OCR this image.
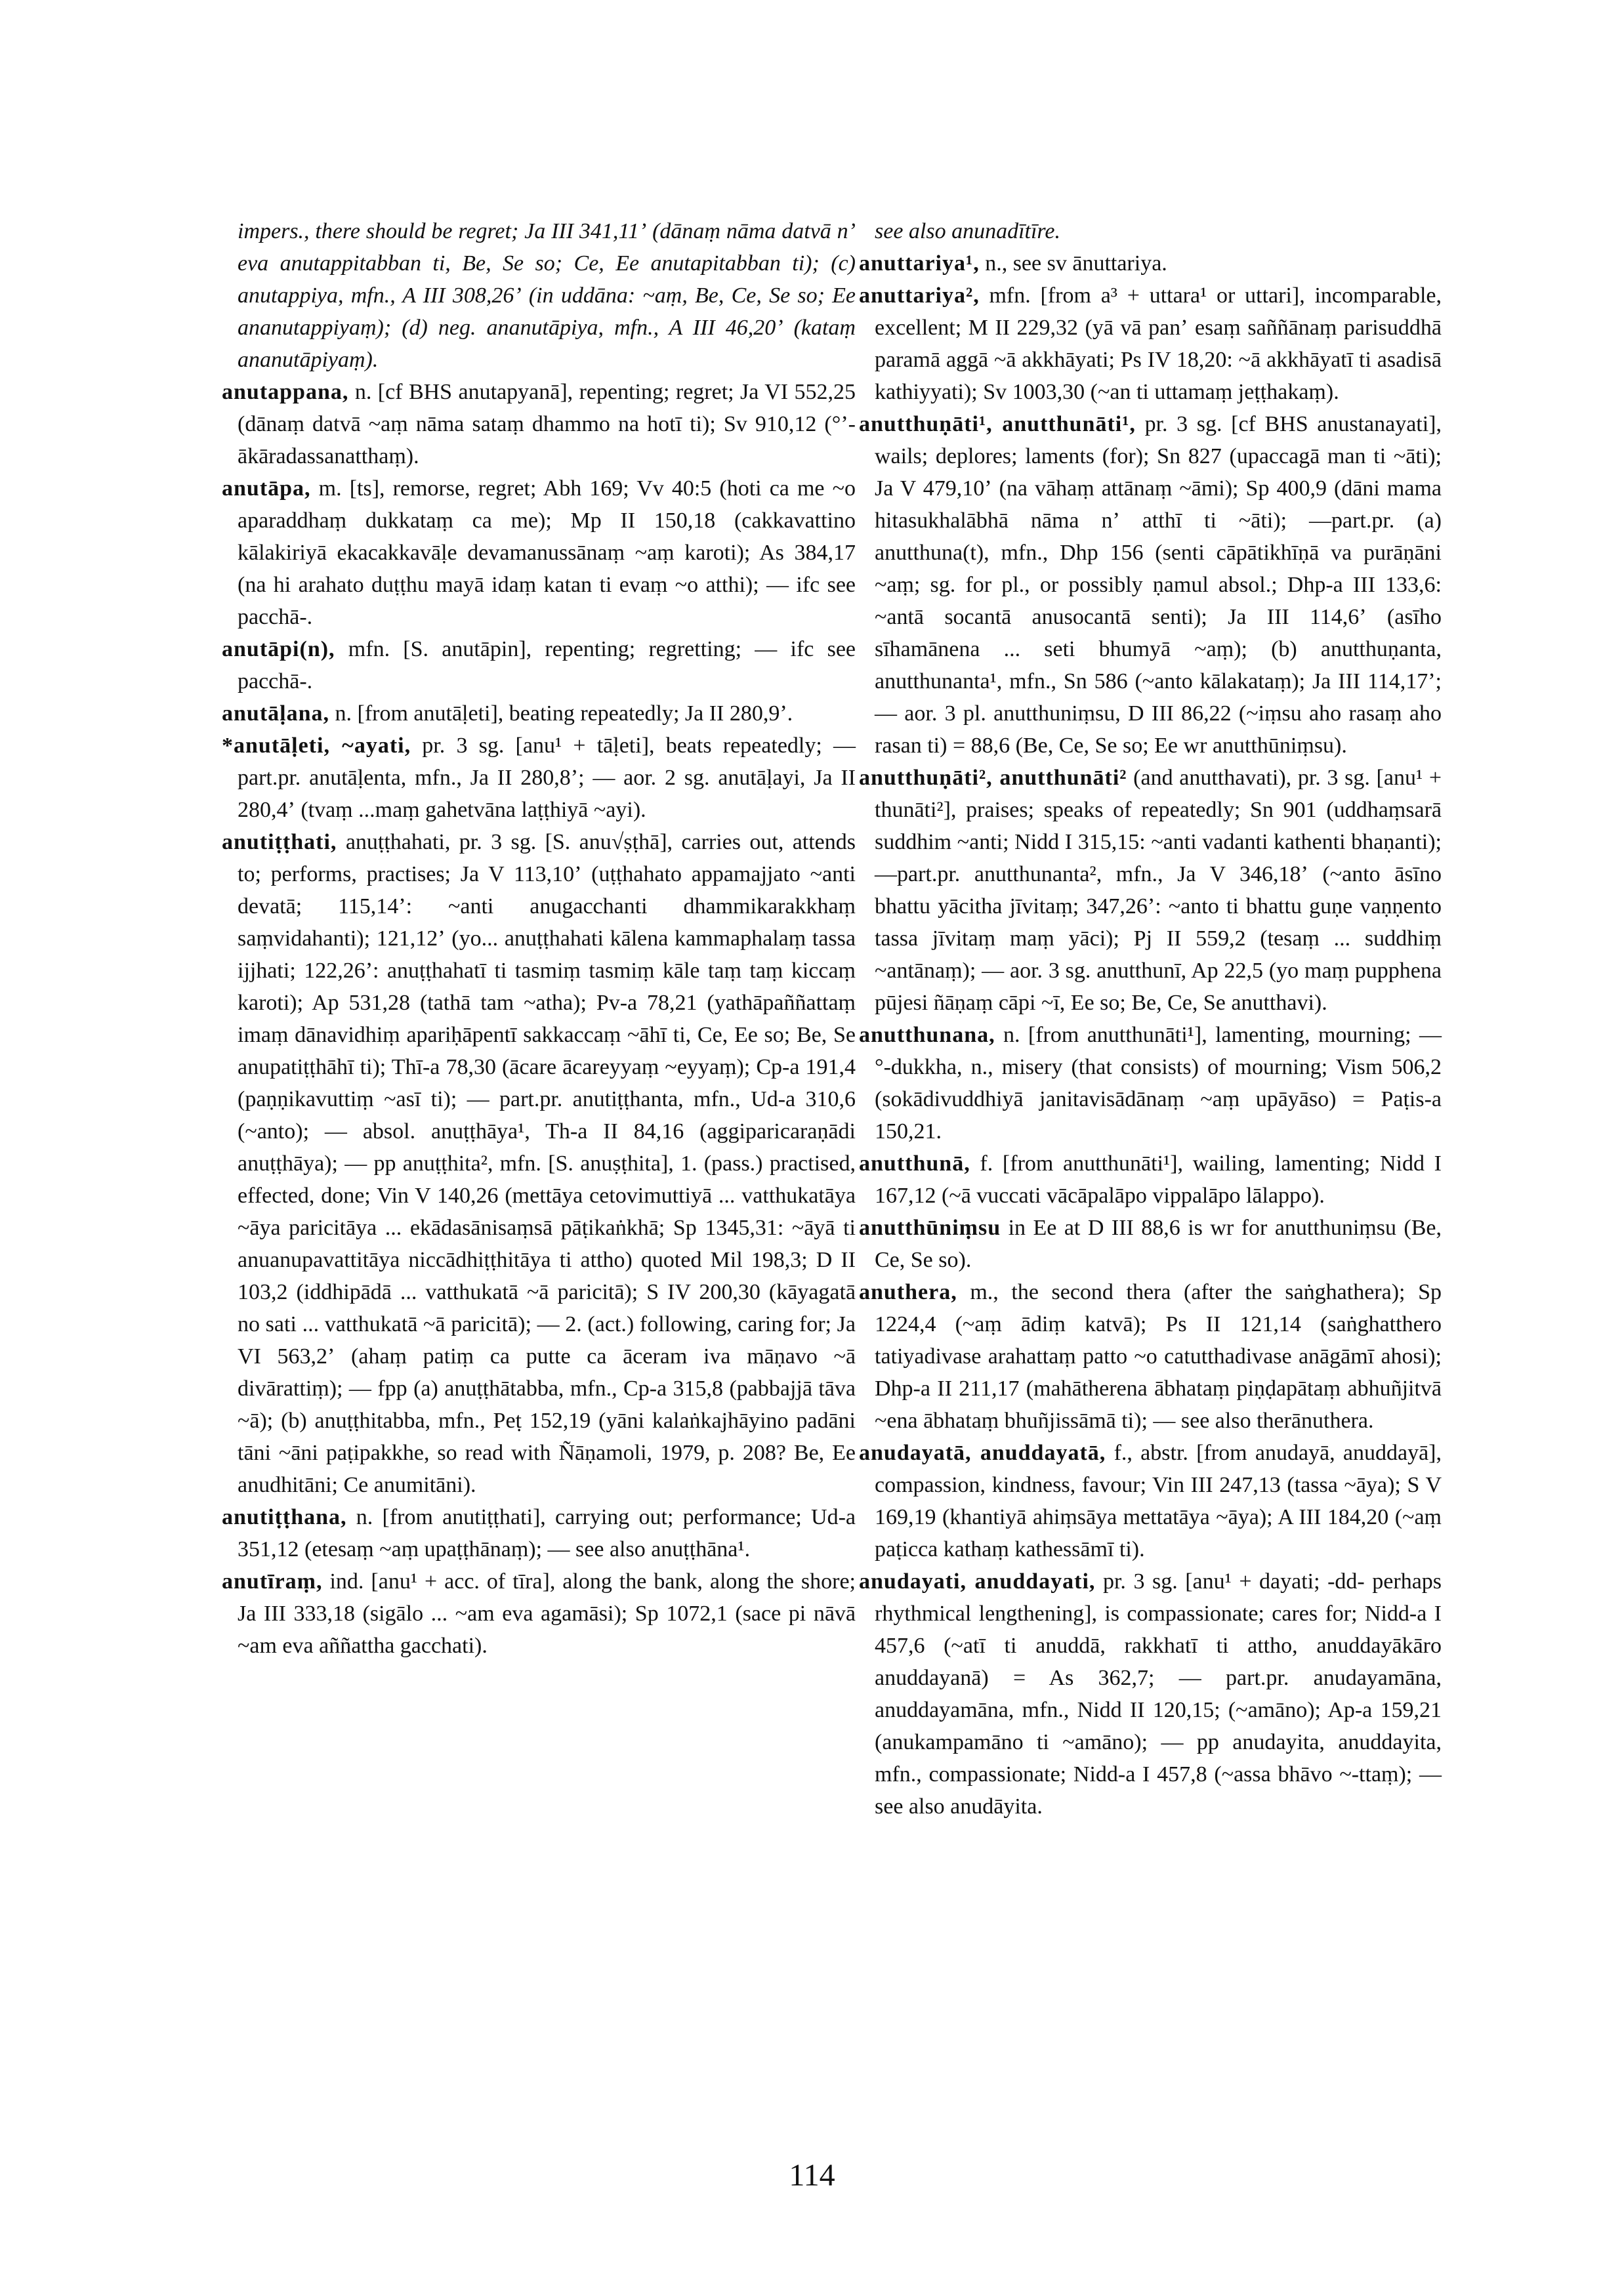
impers., there should be regret; Ja III 341,11ʼ (dānaṃ nāma datvā nʼ eva anutappitabban ti, Be, Se so; Ce, Ee anutapitabban ti); (c) anutappiya, mfn., A III 308,26ʼ (in uddāna: ~aṃ, Be, Ce, Se so; Ee ananutappiyaṃ); (d) neg. ananutāpiya, mfn., A III 46,20ʼ (kataṃ ananutāpiyaṃ).
anutappana, n. [cf BHS anutapyanā], repenting; regret; Ja VI 552,25 (dānaṃ datvā ~aṃ nāma sataṃ dhammo na hotī ti); Sv 910,12 (°ʼ-ākāradassanatthaṃ).
anutāpa, m. [ts], remorse, regret; Abh 169; Vv 40:5 (hoti ca me ~o aparaddhaṃ dukkataṃ ca me); Mp II 150,18 (cakkavattino kālakiriyā ekacakkavāḷe devamanussānaṃ ~aṃ karoti); As 384,17 (na hi arahato duṭṭhu mayā idaṃ katan ti evaṃ ~o atthi); — ifc see pacchā-.
anutāpi(n), mfn. [S. anutāpin], repenting; regretting; — ifc see pacchā-.
anutāḷana, n. [from anutāḷeti], beating repeatedly; Ja II 280,9ʼ.
*anutāḷeti, ~ayati, pr. 3 sg. [anu¹ + tāḷeti], beats repeatedly; —part.pr. anutāḷenta, mfn., Ja II 280,8ʼ; — aor. 2 sg. anutāḷayi, Ja II 280,4ʼ (tvaṃ ...maṃ gahetvāna laṭṭhiyā ~ayi).
anutiṭṭhati, anuṭṭhahati, pr. 3 sg. [S. anu√ṣṭhā], carries out, attends to; performs, practises; Ja V 113,10ʼ (uṭṭhahato appamajjato ~anti devatā; 115,14ʼ: ~anti anugacchanti dhammikarakkhaṃ saṃvidahanti); 121,12ʼ (yo... anuṭṭhahati kālena kammaphalaṃ tassa ijjhati; 122,26ʼ: anuṭṭhahatī ti tasmiṃ tasmiṃ kāle taṃ taṃ kiccaṃ karoti); Ap 531,28 (tathā tam ~atha); Pv-a 78,21 (yathāpaññattaṃ imaṃ dānavidhiṃ apariḥāpentī sakkaccaṃ ~āhī ti, Ce, Ee so; Be, Se anupatiṭṭhāhī ti); Thī-a 78,30 (ācare ācareyyaṃ ~eyyaṃ); Cp-a 191,4 (paṇṇikavuttiṃ ~asī ti); — part.pr. anutiṭṭhanta, mfn., Ud-a 310,6 (~anto); — absol. anuṭṭhāya¹, Th-a II 84,16 (aggiparicaraṇādi anuṭṭhāya); — pp anuṭṭhita², mfn. [S. anuṣṭhita], 1. (pass.) practised, effected, done; Vin V 140,26 (mettāya cetovimuttiyā ... vatthukatāya ~āya paricitāya ... ekādasānisaṃsā pāṭikaṅkhā; Sp 1345,31: ~āyā ti anuanupavattitāya niccādhiṭṭhitāya ti attho) quoted Mil 198,3; D II 103,2 (iddhipādā ... vatthukatā ~ā paricitā); S IV 200,30 (kāyagatā no sati ... vatthukatā ~ā paricitā); — 2. (act.) following, caring for; Ja VI 563,2ʼ (ahaṃ patiṃ ca putte ca āceram iva māṇavo ~ā divārattiṃ); — fpp (a) anuṭṭhātabba, mfn., Cp-a 315,8 (pabbajjā tāva ~ā); (b) anuṭṭhitabba, mfn., Peṭ 152,19 (yāni kalaṅkajhāyino padāni tāni ~āni paṭipakkhe, so read with Ñāṇamoli, 1979, p. 208? Be, Ee anudhitāni; Ce anumitāni).
anutiṭṭhana, n. [from anutiṭṭhati], carrying out; performance; Ud-a 351,12 (etesaṃ ~aṃ upaṭṭhānaṃ); — see also anuṭṭhāna¹.
anutīraṃ, ind. [anu¹ + acc. of tīra], along the bank, along the shore; Ja III 333,18 (sigālo ... ~am eva agamāsi); Sp 1072,1 (sace pi nāvā ~am eva aññattha gacchati).
see also anunadītīre.
anuttariya¹, n., see sv ānuttariya.
anuttariya², mfn. [from a³ + uttara¹ or uttari], incomparable, excellent; M II 229,32 (yā vā panʼ esaṃ saññānaṃ parisuddhā paramā aggā ~ā akkhāyati; Ps IV 18,20: ~ā akkhāyatī ti asadisā kathiyyati); Sv 1003,30 (~an ti uttamaṃ jeṭṭhakaṃ).
anutthuṇāti¹, anutthunāti¹, pr. 3 sg. [cf BHS anustanayati], wails; deplores; laments (for); Sn 827 (upaccagā man ti ~āti); Ja V 479,10ʼ (na vāhaṃ attānaṃ ~āmi); Sp 400,9 (dāni mama hitasukhalābhā nāma nʼ atthī ti ~āti); —part.pr. (a) anutthuna(t), mfn., Dhp 156 (senti cāpātikhīṇā va purāṇāni ~aṃ; sg. for pl., or possibly ṇamul absol.; Dhp-a III 133,6: ~antā socantā anusocantā senti); Ja III 114,6ʼ (asīho sīhamānena ... seti bhumyā ~aṃ); (b) anutthuṇanta, anutthunanta¹, mfn., Sn 586 (~anto kālakataṃ); Ja III 114,17ʼ; — aor. 3 pl. anutthuniṃsu, D III 86,22 (~iṃsu aho rasaṃ aho rasan ti) = 88,6 (Be, Ce, Se so; Ee wr anutthūniṃsu).
anutthuṇāti², anutthunāti² (and anutthavati), pr. 3 sg. [anu¹ + thunāti²], praises; speaks of repeatedly; Sn 901 (uddhaṃsarā suddhim ~anti; Nidd I 315,15: ~anti vadanti kathenti bhaṇanti); —part.pr. anutthunanta², mfn., Ja V 346,18ʼ (~anto āsīno bhattu yācitha jīvitaṃ; 347,26ʼ: ~anto ti bhattu guṇe vaṇṇento tassa jīvitaṃ maṃ yāci); Pj II 559,2 (tesaṃ ... suddhiṃ ~antānaṃ); — aor. 3 sg. anutthunī, Ap 22,5 (yo maṃ pupphena pūjesi ñāṇaṃ cāpi ~ī, Ee so; Be, Ce, Se anutthavi).
anutthunana, n. [from anutthunāti¹], lamenting, mourning; —°-dukkha, n., misery (that consists) of mourning; Vism 506,2 (sokādivuddhiyā janitavisādānaṃ ~aṃ upāyāso) = Paṭis-a 150,21.
anutthunā, f. [from anutthunāti¹], wailing, lamenting; Nidd I 167,12 (~ā vuccati vācāpalāpo vippalāpo lālappo).
anutthūniṃsu in Ee at D III 88,6 is wr for anutthuniṃsu (Be, Ce, Se so).
anuthera, m., the second thera (after the saṅghathera); Sp 1224,4 (~aṃ ādiṃ katvā); Ps II 121,14 (saṅghatthero tatiyadivase arahattaṃ patto ~o catutthadivase anāgāmī ahosi); Dhp-a II 211,17 (mahātherena ābhataṃ piṇḍapātaṃ abhuñjitvā ~ena ābhataṃ bhuñjissāmā ti); — see also therānuthera.
anudayatā, anuddayatā, f., abstr. [from anudayā, anuddayā], compassion, kindness, favour; Vin III 247,13 (tassa ~āya); S V 169,19 (khantiyā ahiṃsāya mettatāya ~āya); A III 184,20 (~aṃ paṭicca kathaṃ kathessāmī ti).
anudayati, anuddayati, pr. 3 sg. [anu¹ + dayati; -dd- perhaps rhythmical lengthening], is compassionate; cares for; Nidd-a I 457,6 (~atī ti anuddā, rakkhatī ti attho, anuddayākāro anuddayanā) = As 362,7; — part.pr. anudayamāna, anuddayamāna, mfn., Nidd II 120,15; (~amāno); Ap-a 159,21 (anukampamāno ti ~amāno); — pp anudayita, anuddayita, mfn., compassionate; Nidd-a I 457,8 (~assa bhāvo ~-ttaṃ); — see also anudāyita.
114
